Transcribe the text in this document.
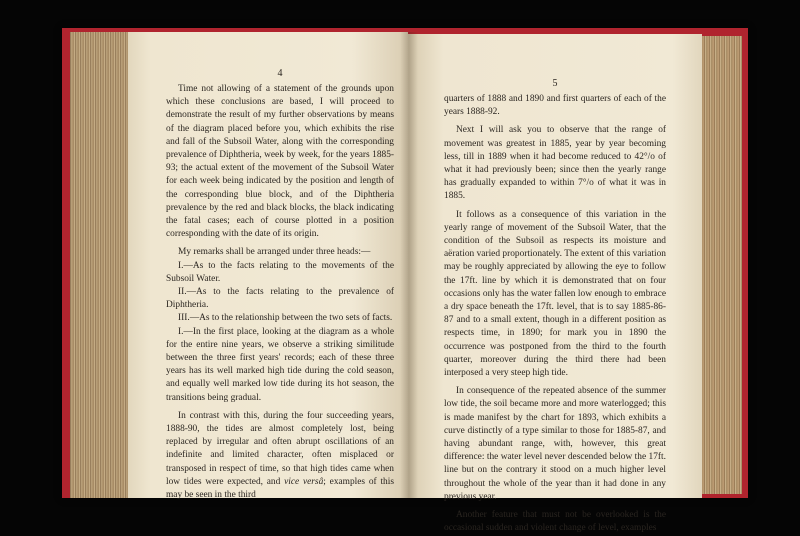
4

Time not allowing of a statement of the grounds upon which these conclusions are based, I will proceed to demonstrate the result of my further observations by means of the diagram placed before you, which exhibits the rise and fall of the Subsoil Water, along with the corresponding prevalence of Diphtheria, week by week, for the years 1885-93; the actual extent of the movement of the Subsoil Water for each week being indicated by the position and length of the corresponding blue block, and of the Diphtheria prevalence by the red and black blocks, the black indicating the fatal cases; each of course plotted in a position corresponding with the date of its origin.

My remarks shall be arranged under three heads:—

I.—As to the facts relating to the movements of the Subsoil Water.

II.—As to the facts relating to the prevalence of Diphtheria.

III.—As to the relationship between the two sets of facts.

I.—In the first place, looking at the diagram as a whole for the entire nine years, we observe a striking similitude between the three first years' records; each of these three years has its well marked high tide during the cold season, and equally well marked low tide during its hot season, the transitions being gradual.

In contrast with this, during the four succeeding years, 1888-90, the tides are almost completely lost, being replaced by irregular and often abrupt oscillations of an indefinite and limited character, often misplaced or transposed in respect of time, so that high tides came when low tides were expected, and vice versâ; examples of this may be seen in the third

5

quarters of 1888 and 1890 and first quarters of each of the years 1888-92.

Next I will ask you to observe that the range of movement was greatest in 1885, year by year becoming less, till in 1889 when it had become reduced to 42°/o of what it had previously been; since then the yearly range has gradually expanded to within 7°/o of what it was in 1885.

It follows as a consequence of this variation in the yearly range of movement of the Subsoil Water, that the condition of the Subsoil as respects its moisture and aëration varied proportionately. The extent of this variation may be roughly appreciated by allowing the eye to follow the 17ft. line by which it is demonstrated that on four occasions only has the water fallen low enough to embrace a dry space beneath the 17ft. level, that is to say 1885-86-87 and to a small extent, though in a different position as respects time, in 1890; for mark you in 1890 the occurrence was postponed from the third to the fourth quarter, moreover during the third there had been interposed a very steep high tide.

In consequence of the repeated absence of the summer low tide, the soil became more and more waterlogged; this is made manifest by the chart for 1893, which exhibits a curve distinctly of a type similar to those for 1885-87, and having abundant range, with, however, this great difference: the water level never descended below the 17ft. line but on the contrary it stood on a much higher level throughout the whole of the year than it had done in any previous year.

Another feature that must not be overlooked is the occasional sudden and violent change of level, examples
